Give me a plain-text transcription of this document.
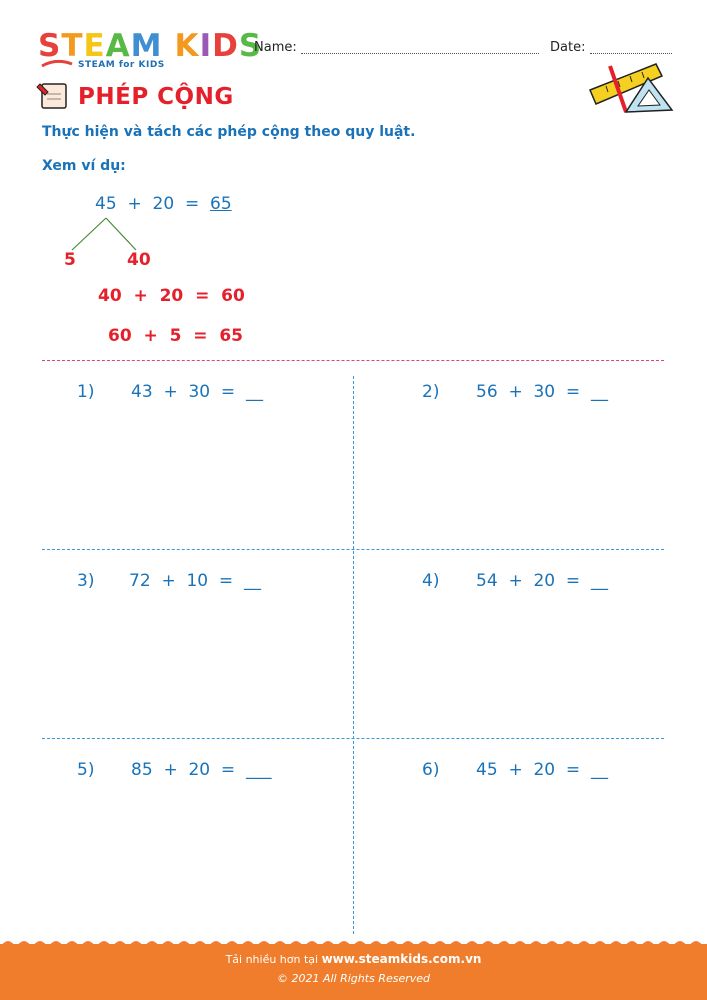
STEAM KIDS
STEAM for KIDS
Name:	Date:
PHÉP CỘNG
Thực hiện và tách các phép cộng theo quy luật.
Xem ví dụ:
45 + 20 = 65
5	40
40  +  20  =  60
60  +  5  =  65
1) 43  +  30  =  __	2) 56  +  30  =  __
3) 72  +  10  =  __	4) 54  +  20  =  __
5) 85  +  20  =  ___	6) 45  +  20  =  __
Tải nhiều hơn tại www.steamkids.com.vn
© 2021 All Rights Reserved
